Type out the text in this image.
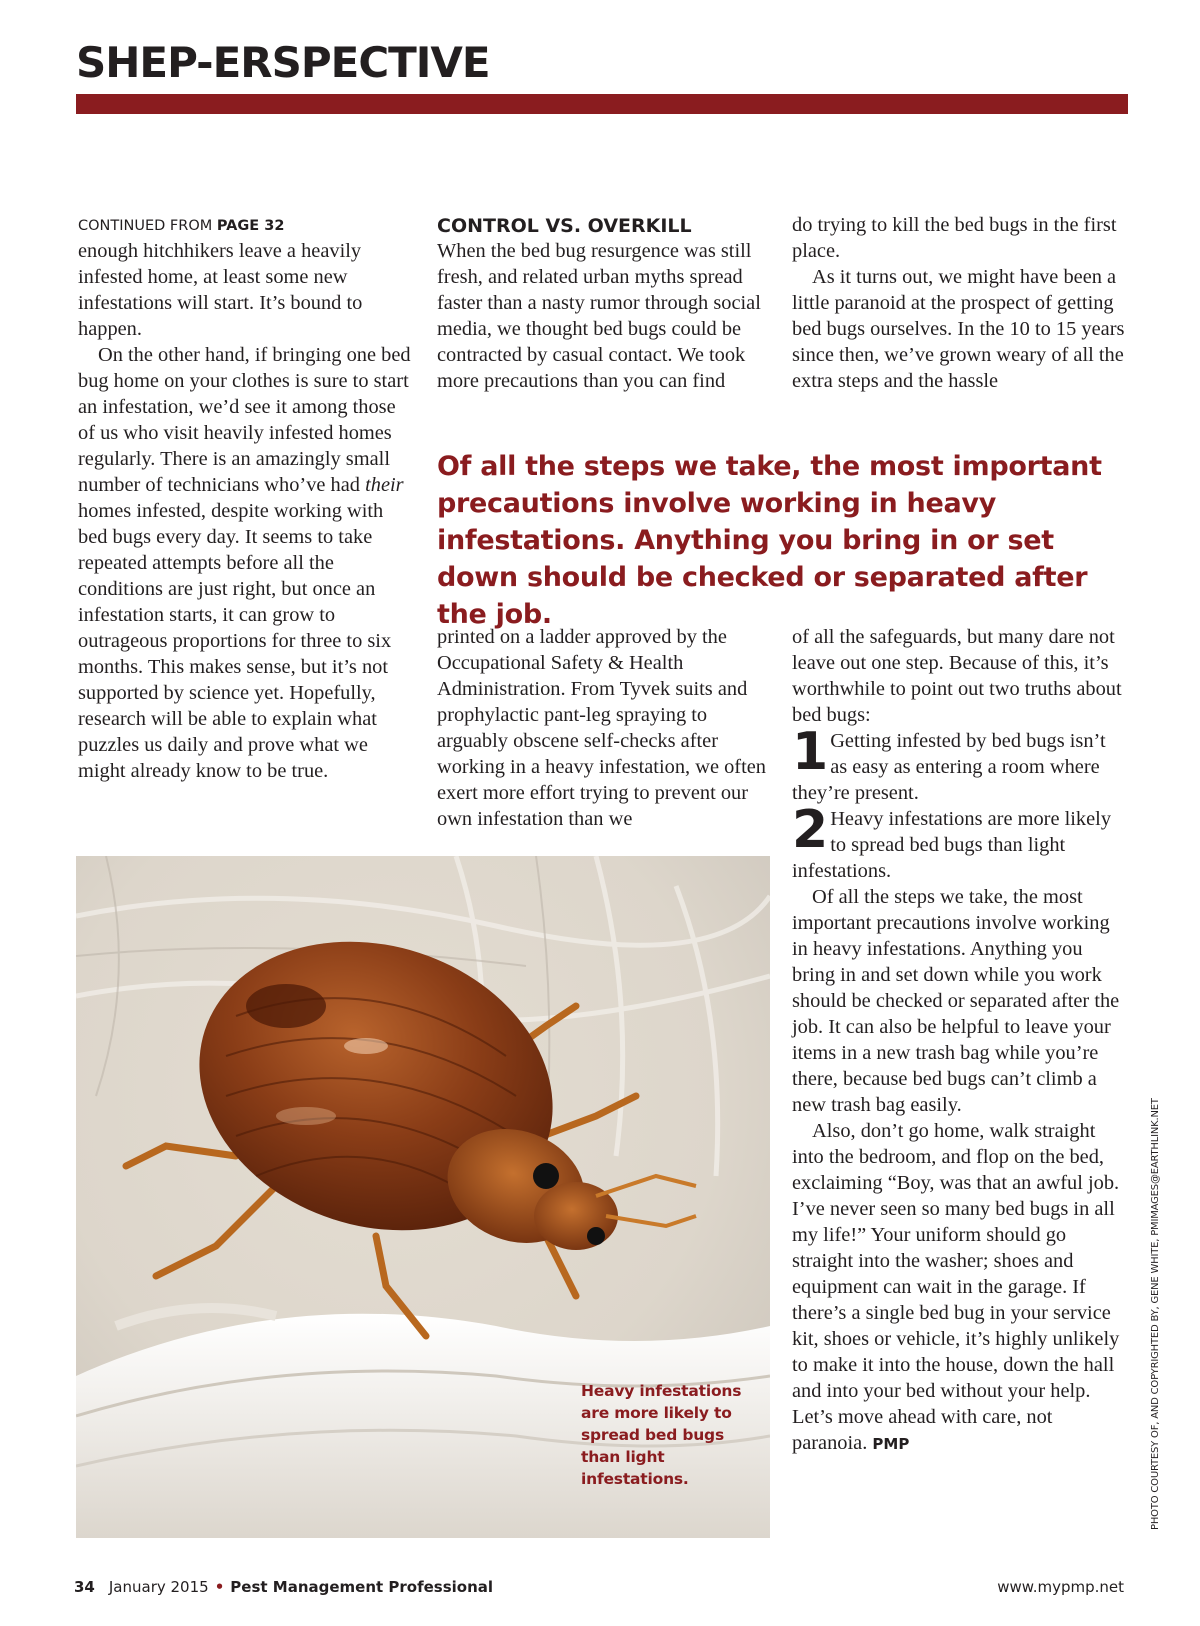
SHEP-ERSPECTIVE
CONTINUED FROM PAGE 32

enough hitchhikers leave a heavily infested home, at least some new infestations will start. It’s bound to happen.

On the other hand, if bringing one bed bug home on your clothes is sure to start an infestation, we’d see it among those of us who visit heavily infested homes regularly. There is an amazingly small number of technicians who’ve had their homes infested, despite working with bed bugs every day. It seems to take repeated attempts before all the conditions are just right, but once an infestation starts, it can grow to outrageous proportions for three to six months. This makes sense, but it’s not supported by science yet. Hopefully, research will be able to explain what puzzles us daily and prove what we might already know to be true.

CONTROL VS. OVERKILL

When the bed bug resurgence was still fresh, and related urban myths spread faster than a nasty rumor through social media, we thought bed bugs could be contracted by casual contact. We took more precautions than you can find

do trying to kill the bed bugs in the first place.

As it turns out, we might have been a little paranoid at the prospect of getting bed bugs ourselves. In the 10 to 15 years since then, we’ve grown weary of all the extra steps and the hassle

Of all the steps we take, the most important precautions involve working in heavy infestations. Anything you bring in or set down should be checked or separated after the job.

printed on a ladder approved by the Occupational Safety & Health Administration. From Tyvek suits and prophylactic pant-leg spraying to arguably obscene self-checks after working in a heavy infestation, we often exert more effort trying to prevent our own infestation than we

of all the safeguards, but many dare not leave out one step. Because of this, it’s worthwhile to point out two truths about bed bugs:

1 Getting infested by bed bugs isn’t as easy as entering a room where they’re present.
2 Heavy infestations are more likely to spread bed bugs than light infestations.

Of all the steps we take, the most important precautions involve working in heavy infestations. Anything you bring in and set down while you work should be checked or separated after the job. It can also be helpful to leave your items in a new trash bag while you’re there, because bed bugs can’t climb a new trash bag easily.

Also, don’t go home, walk straight into the bedroom, and flop on the bed, exclaiming “Boy, was that an awful job. I’ve never seen so many bed bugs in all my life!” Your uniform should go straight into the washer; shoes and equipment can wait in the garage. If there’s a single bed bug in your service kit, shoes or vehicle, it’s highly unlikely to make it into the house, down the hall and into your bed without your help. Let’s move ahead with care, not paranoia. PMP

Heavy infestations are more likely to spread bed bugs than light infestations.	PHOTO COURTESY OF, AND COPYRIGHTED BY, GENE WHITE, PMIMAGES@EARTHLINK.NET
34 January 2015 • Pest Management Professional	www.mypmp.net
